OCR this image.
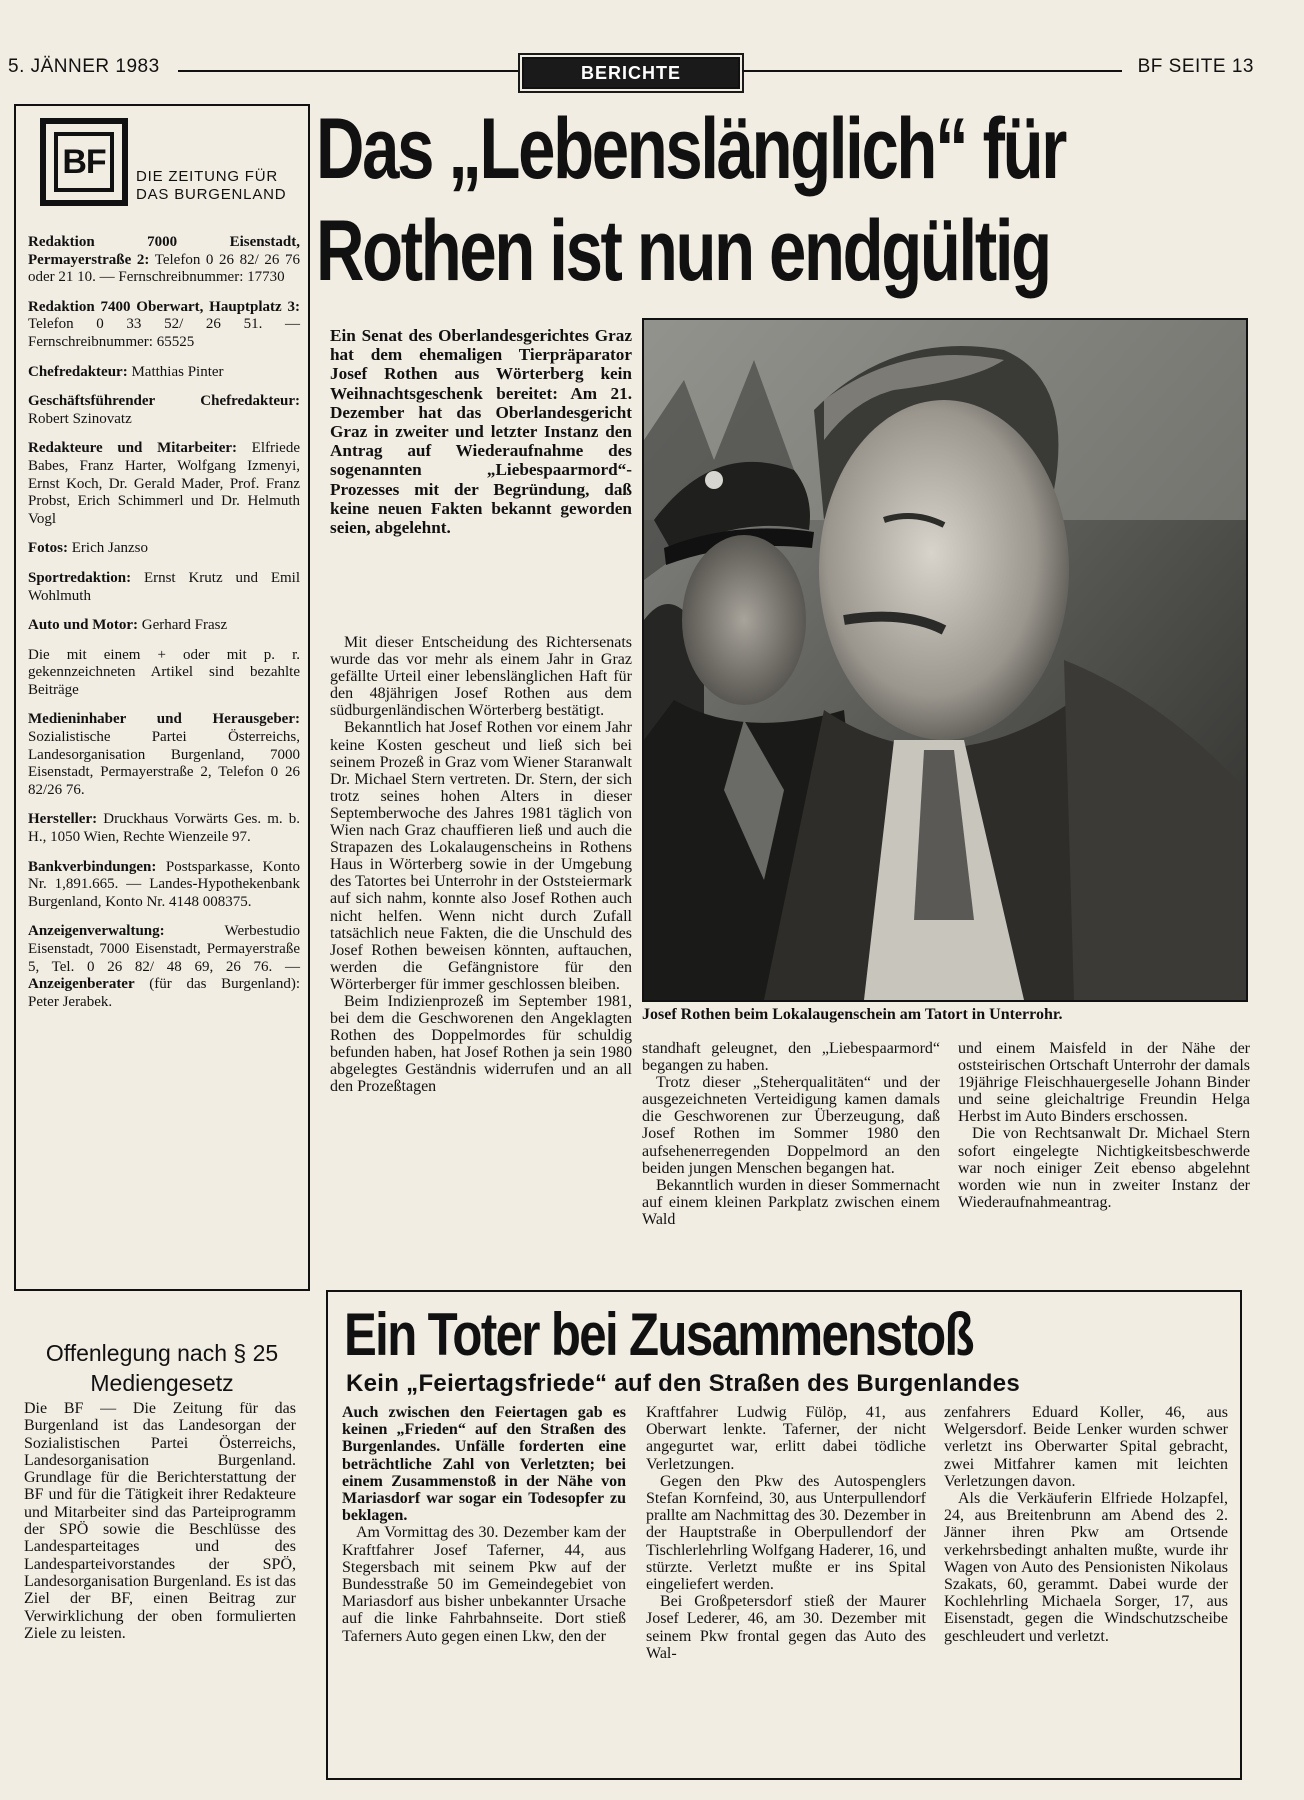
5. JÄNNER 1983	BERICHTE	BF SEITE 13
BF DIE ZEITUNG FÜR
DAS BURGENLAND

Redaktion 7000 Eisenstadt, Permayerstraße 2: Telefon 0 26 82/ 26 76 oder 21 10. — Fernschreibnummer: 17730

Redaktion 7400 Oberwart, Hauptplatz 3: Telefon 0 33 52/ 26 51. — Fernschreibnummer: 65525

Chefredakteur: Matthias Pinter

Geschäftsführender Chefredakteur: Robert Szinovatz

Redakteure und Mitarbeiter: Elfriede Babes, Franz Harter, Wolfgang Izmenyi, Ernst Koch, Dr. Gerald Mader, Prof. Franz Probst, Erich Schimmerl und Dr. Helmuth Vogl

Fotos: Erich Janzso

Sportredaktion: Ernst Krutz und Emil Wohlmuth

Auto und Motor: Gerhard Frasz

Die mit einem + oder mit p. r. gekennzeichneten Artikel sind bezahlte Beiträge

Medieninhaber und Herausgeber: Sozialistische Partei Österreichs, Landesorganisation Burgenland, 7000 Eisenstadt, Permayerstraße 2, Telefon 0 26 82/26 76.

Hersteller: Druckhaus Vorwärts Ges. m. b. H., 1050 Wien, Rechte Wienzeile 97.

Bankverbindungen: Postsparkasse, Konto Nr. 1,891.665. — Landes-Hypothekenbank Burgenland, Konto Nr. 4148 008375.

Anzeigenverwaltung: Werbestudio Eisenstadt, 7000 Eisenstadt, Permayerstraße 5, Tel. 0 26 82/ 48 69, 26 76. — Anzeigenberater (für das Burgenland): Peter Jerabek.

Offenlegung nach § 25 Mediengesetz
Die BF — Die Zeitung für das Burgenland ist das Landesorgan der Sozialistischen Partei Österreichs, Landesorganisation Burgenland. Grundlage für die Berichterstattung der BF und für die Tätigkeit ihrer Redakteure und Mitarbeiter sind das Parteiprogramm der SPÖ sowie die Beschlüsse des Landesparteitages und des Landesparteivorstandes der SPÖ, Landesorganisation Burgenland. Es ist das Ziel der BF, einen Beitrag zur Verwirklichung der oben formulierten Ziele zu leisten.
Das „Lebenslänglich“ für
Rothen ist nun endgültig
Ein Senat des Oberlandesgerichtes Graz hat dem ehemaligen Tierpräparator Josef Rothen aus Wörterberg kein Weihnachtsgeschenk bereitet: Am 21. Dezember hat das Oberlandesgericht Graz in zweiter und letzter Instanz den Antrag auf Wiederaufnahme des sogenannten „Liebespaarmord“-Prozesses mit der Begründung, daß keine neuen Fakten bekannt geworden seien, abgelehnt.

Mit dieser Entscheidung des Richtersenats wurde das vor mehr als einem Jahr in Graz gefällte Urteil einer lebenslänglichen Haft für den 48jährigen Josef Rothen aus dem südburgenländischen Wörterberg bestätigt.

Bekanntlich hat Josef Rothen vor einem Jahr keine Kosten gescheut und ließ sich bei seinem Prozeß in Graz vom Wiener Staranwalt Dr. Michael Stern vertreten. Dr. Stern, der sich trotz seines hohen Alters in dieser Septemberwoche des Jahres 1981 täglich von Wien nach Graz chauffieren ließ und auch die Strapazen des Lokalaugenscheins in Rothens Haus in Wörterberg sowie in der Umgebung des Tatortes bei Unterrohr in der Oststeiermark auf sich nahm, konnte also Josef Rothen auch nicht helfen. Wenn nicht durch Zufall tatsächlich neue Fakten, die die Unschuld des Josef Rothen beweisen könnten, auftauchen, werden die Gefängnistore für den Wörterberger für immer geschlossen bleiben.

Beim Indizienprozeß im September 1981, bei dem die Geschworenen den Angeklagten Rothen des Doppelmordes für schuldig befunden haben, hat Josef Rothen ja sein 1980 abgelegtes Geständnis widerrufen und an all den Prozeßtagen

Josef Rothen beim Lokalaugenschein am Tatort in Unterrohr.

standhaft geleugnet, den „Liebespaarmord“ begangen zu haben.

Trotz dieser „Steherqualitäten“ und der ausgezeichneten Verteidigung kamen damals die Geschworenen zur Überzeugung, daß Josef Rothen im Sommer 1980 den aufsehenerregenden Doppelmord an den beiden jungen Menschen begangen hat.

Bekanntlich wurden in dieser Sommernacht auf einem kleinen Parkplatz zwischen einem Wald

und einem Maisfeld in der Nähe der oststeirischen Ortschaft Unterrohr der damals 19jährige Fleischhauergeselle Johann Binder und seine gleichaltrige Freundin Helga Herbst im Auto Binders erschossen.

Die von Rechtsanwalt Dr. Michael Stern sofort eingelegte Nichtigkeitsbeschwerde war noch einiger Zeit ebenso abgelehnt worden wie nun in zweiter Instanz der Wiederaufnahmeantrag.

Ein Toter bei Zusammenstoß
Kein „Feiertagsfriede“ auf den Straßen des Burgenlandes

Auch zwischen den Feiertagen gab es keinen „Frieden“ auf den Straßen des Burgenlandes. Unfälle forderten eine beträchtliche Zahl von Verletzten; bei einem Zusammenstoß in der Nähe von Mariasdorf war sogar ein Todesopfer zu beklagen.

Am Vormittag des 30. Dezember kam der Kraftfahrer Josef Taferner, 44, aus Stegersbach mit seinem Pkw auf der Bundesstraße 50 im Gemeindegebiet von Mariasdorf aus bisher unbekannter Ursache auf die linke Fahrbahnseite. Dort stieß Taferners Auto gegen einen Lkw, den der

Kraftfahrer Ludwig Fülöp, 41, aus Oberwart lenkte. Taferner, der nicht angegurtet war, erlitt dabei tödliche Verletzungen.

Gegen den Pkw des Autospenglers Stefan Kornfeind, 30, aus Unterpullendorf prallte am Nachmittag des 30. Dezember in der Hauptstraße in Oberpullendorf der Tischlerlehrling Wolfgang Haderer, 16, und stürzte. Verletzt mußte er ins Spital eingeliefert werden.

Bei Großpetersdorf stieß der Maurer Josef Lederer, 46, am 30. Dezember mit seinem Pkw frontal gegen das Auto des Wal-

zenfahrers Eduard Koller, 46, aus Welgersdorf. Beide Lenker wurden schwer verletzt ins Oberwarter Spital gebracht, zwei Mitfahrer kamen mit leichten Verletzungen davon.

Als die Verkäuferin Elfriede Holzapfel, 24, aus Breitenbrunn am Abend des 2. Jänner ihren Pkw am Ortsende verkehrsbedingt anhalten mußte, wurde ihr Wagen von Auto des Pensionisten Nikolaus Szakats, 60, gerammt. Dabei wurde der Kochlehrling Michaela Sorger, 17, aus Eisenstadt, gegen die Windschutzscheibe geschleudert und verletzt.
